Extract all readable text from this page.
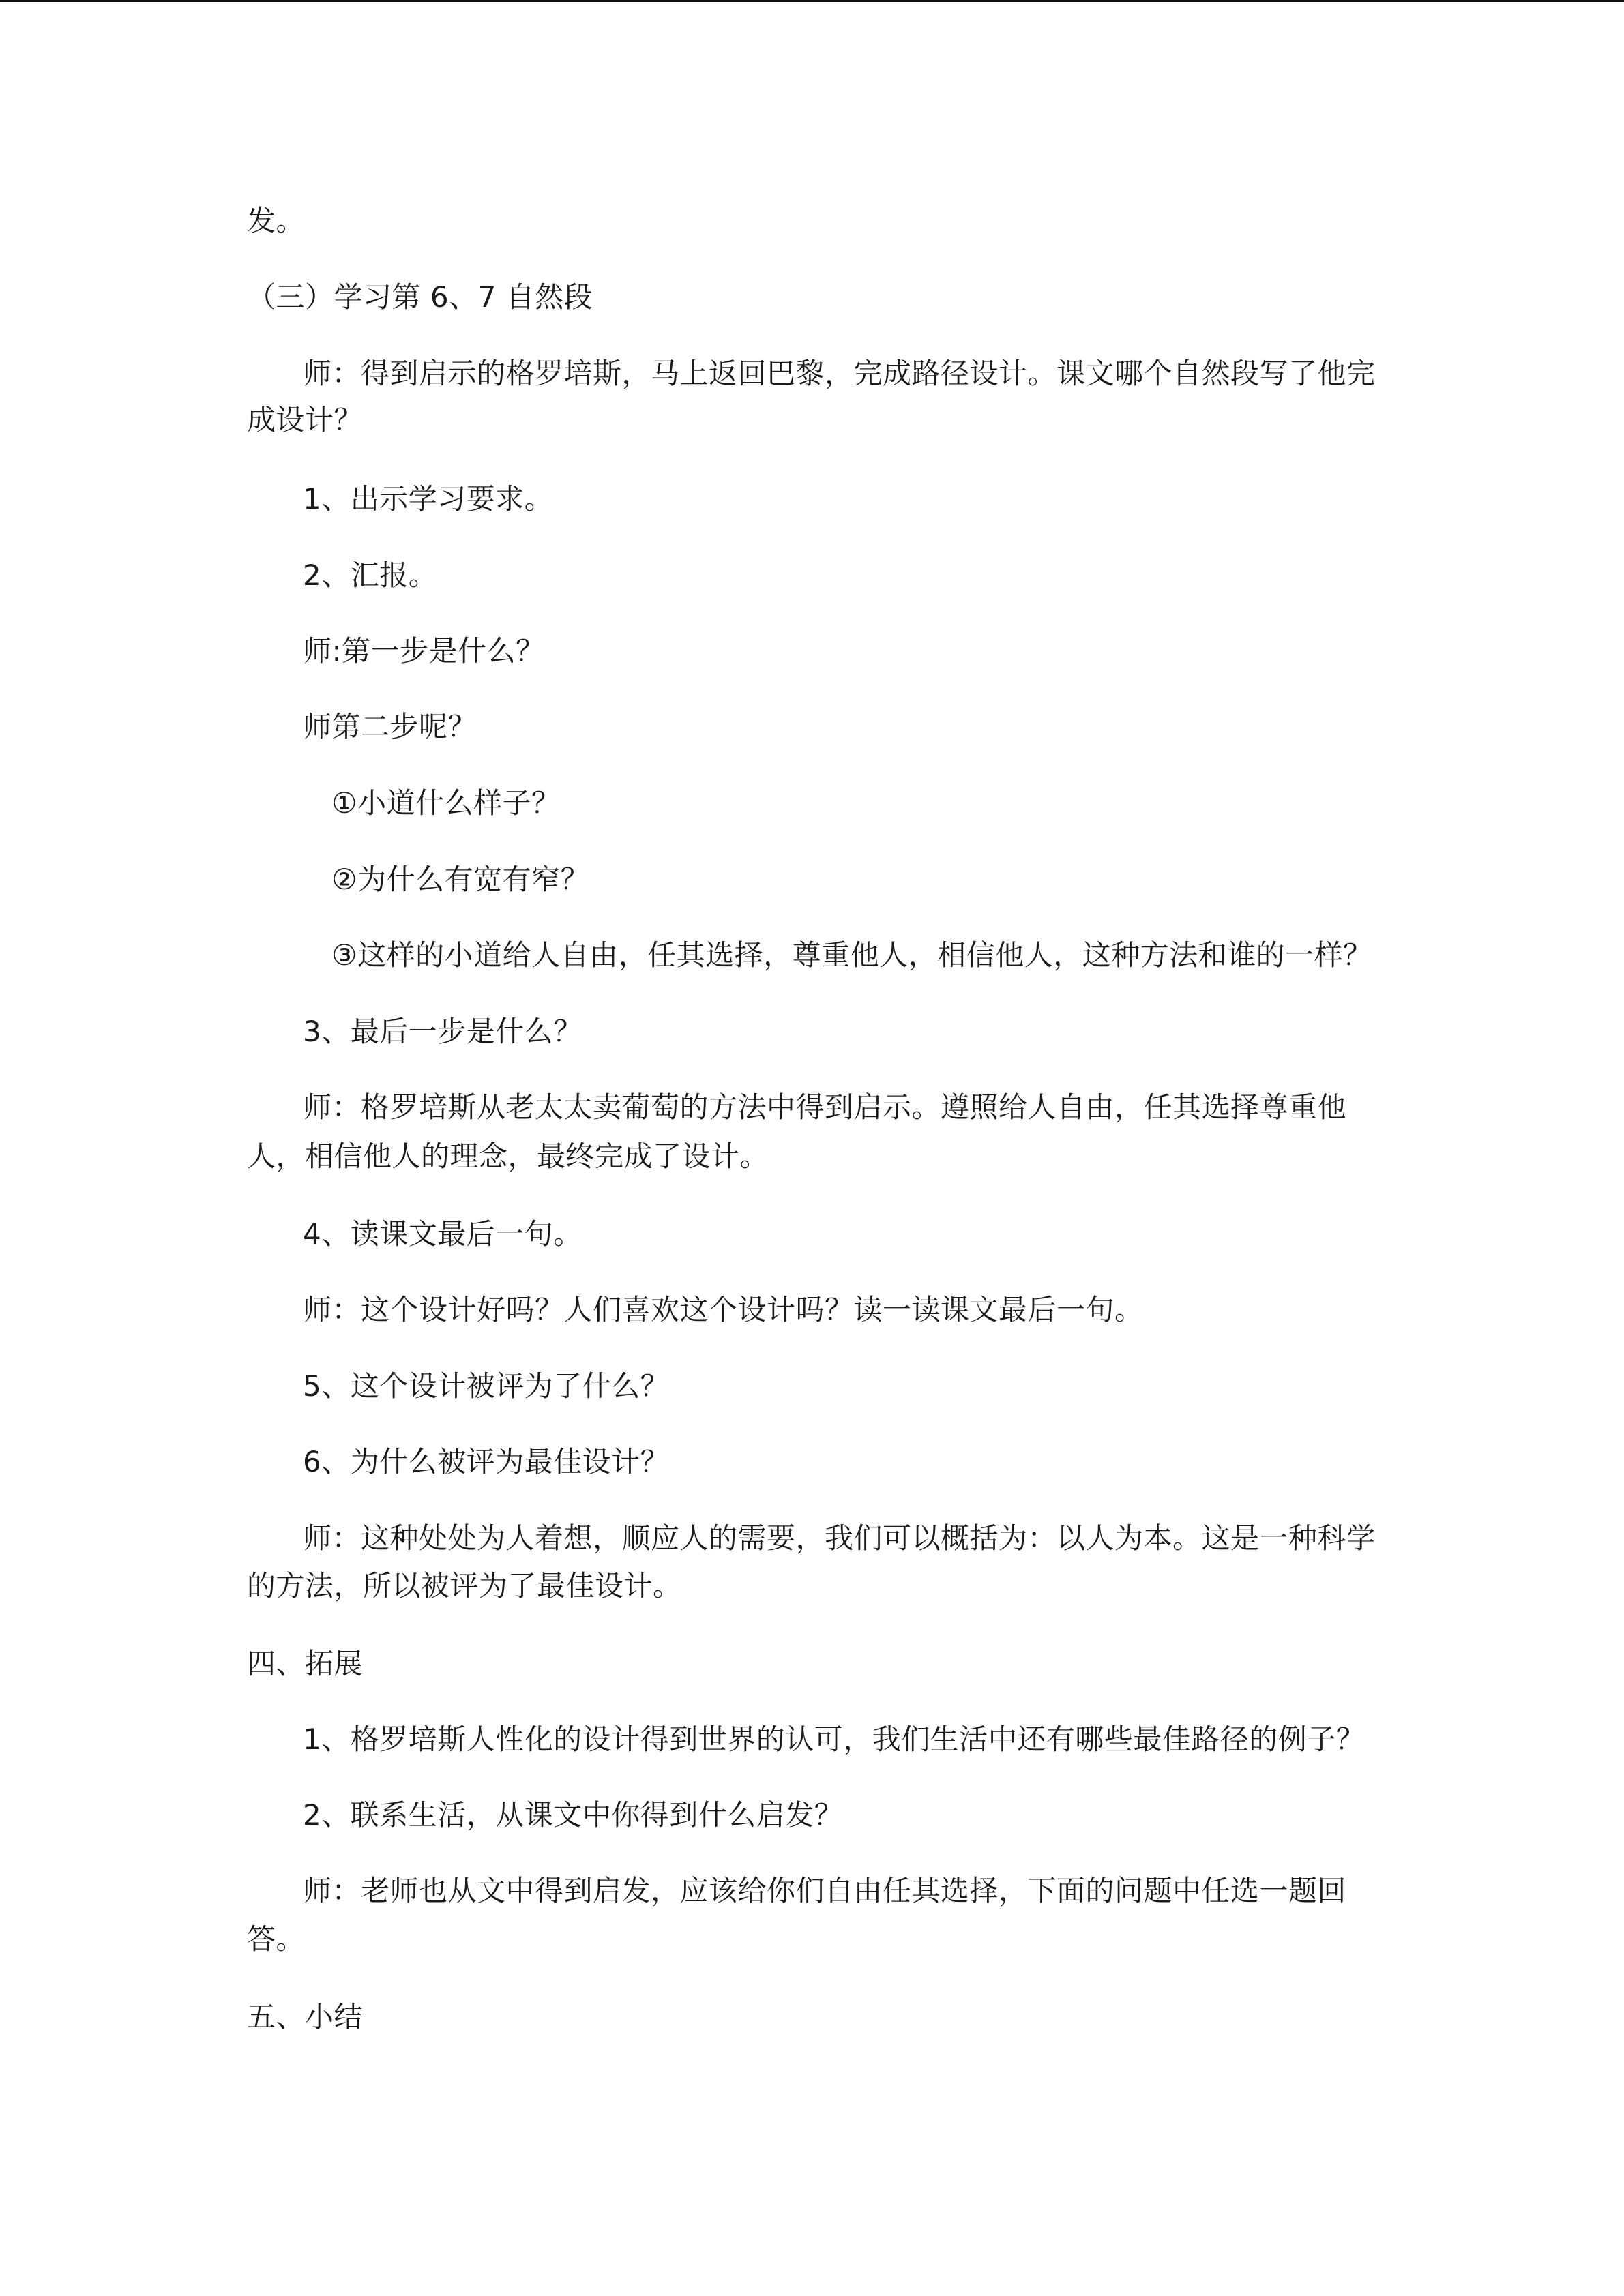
发。
（三）学习第 6、7 自然段
师：得到启示的格罗培斯，马上返回巴黎，完成路径设计。课文哪个自然段写了他完
成设计？
1、出示学习要求。
2、汇报。
师:第一步是什么？
师第二步呢？
①小道什么样子？
②为什么有宽有窄？
③这样的小道给人自由，任其选择，尊重他人，相信他人，这种方法和谁的一样？
3、最后一步是什么？
师：格罗培斯从老太太卖葡萄的方法中得到启示。遵照给人自由，任其选择尊重他
人，相信他人的理念，最终完成了设计。
4、读课文最后一句。
师：这个设计好吗？人们喜欢这个设计吗？读一读课文最后一句。
5、这个设计被评为了什么？
6、为什么被评为最佳设计？
师：这种处处为人着想，顺应人的需要，我们可以概括为：以人为本。这是一种科学
的方法，所以被评为了最佳设计。
四、拓展
1、格罗培斯人性化的设计得到世界的认可，我们生活中还有哪些最佳路径的例子？
2、联系生活，从课文中你得到什么启发？
师：老师也从文中得到启发，应该给你们自由任其选择，下面的问题中任选一题回
答。
五、小结
